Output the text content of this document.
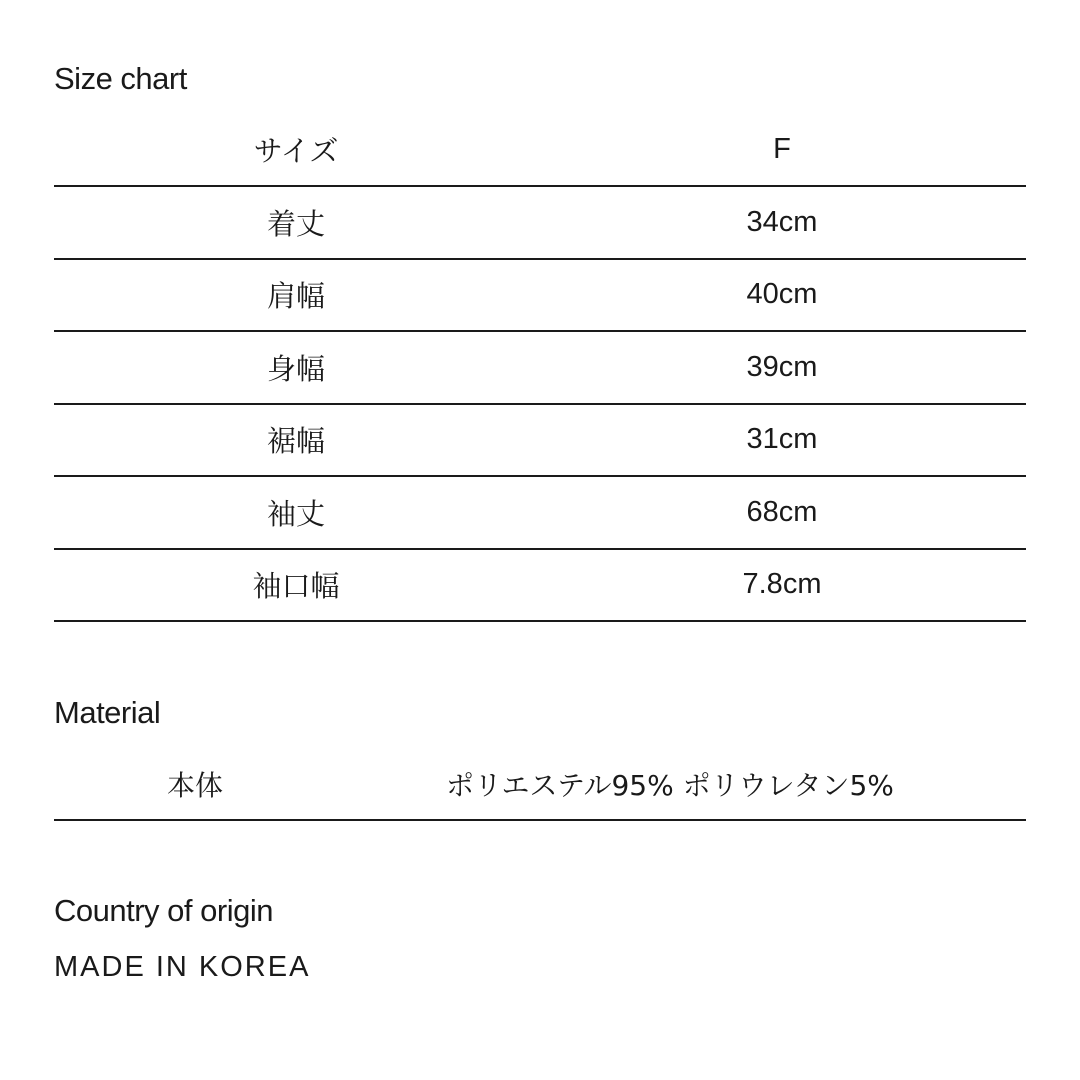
Size chart
サイズ	F
着丈	34cm
肩幅	40cm
身幅	39cm
裾幅	31cm
袖丈	68cm
袖口幅	7.8cm
Material
本体	ポリエステル95% ポリウレタン5%
Country of origin

MADE IN KOREA
